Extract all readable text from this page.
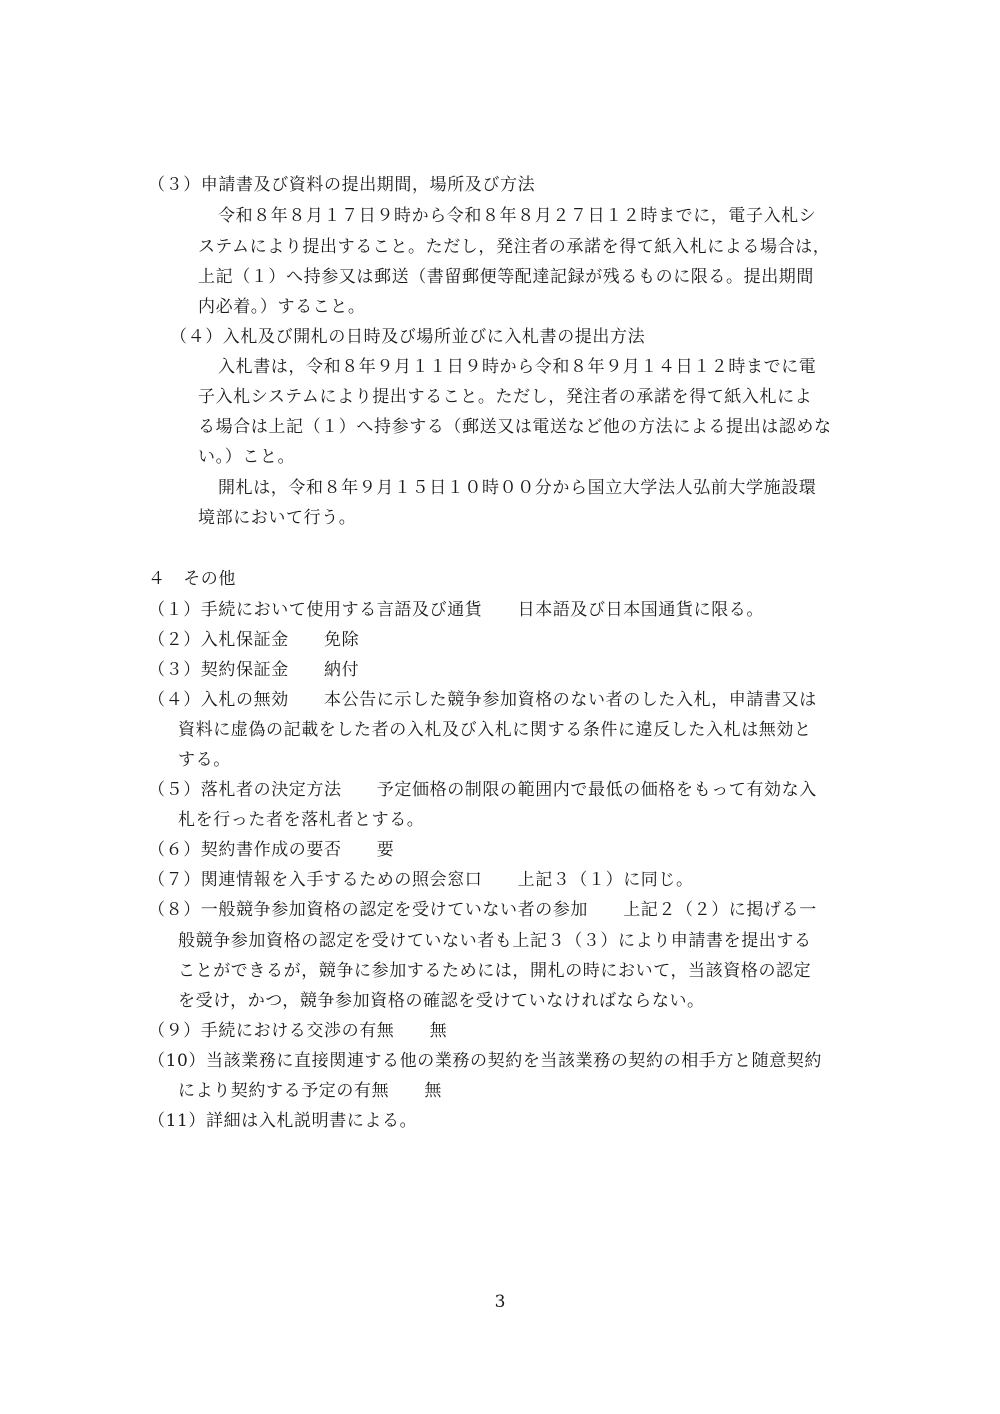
（３）申請書及び資料の提出期間，場所及び方法
令和８年８月１７日９時から令和８年８月２７日１２時までに，電子入札シ
ステムにより提出すること。ただし，発注者の承諾を得て紙入札による場合は，
上記（１）へ持参又は郵送（書留郵便等配達記録が残るものに限る。提出期間
内必着。）すること。
（４）入札及び開札の日時及び場所並びに入札書の提出方法
入札書は，令和８年９月１１日９時から令和８年９月１４日１２時までに電
子入札システムにより提出すること。ただし，発注者の承諾を得て紙入札によ
る場合は上記（１）へ持参する（郵送又は電送など他の方法による提出は認めな
い。）こと。
開札は，令和８年９月１５日１０時００分から国立大学法人弘前大学施設環
境部において行う。
４　その他
（１）手続において使用する言語及び通貨　　日本語及び日本国通貨に限る。
（２）入札保証金　　免除
（３）契約保証金　　納付
（４）入札の無効　　本公告に示した競争参加資格のない者のした入札，申請書又は
資料に虚偽の記載をした者の入札及び入札に関する条件に違反した入札は無効と
する。
（５）落札者の決定方法　　予定価格の制限の範囲内で最低の価格をもって有効な入
札を行った者を落札者とする。
（６）契約書作成の要否　　要
（７）関連情報を入手するための照会窓口　　上記３（１）に同じ。
（８）一般競争参加資格の認定を受けていない者の参加　　上記２（２）に掲げる一
般競争参加資格の認定を受けていない者も上記３（３）により申請書を提出する
ことができるが，競争に参加するためには，開札の時において，当該資格の認定
を受け，かつ，競争参加資格の確認を受けていなければならない。
（９）手続における交渉の有無　　無
（10）当該業務に直接関連する他の業務の契約を当該業務の契約の相手方と随意契約
により契約する予定の有無　　無
（11）詳細は入札説明書による。
3
